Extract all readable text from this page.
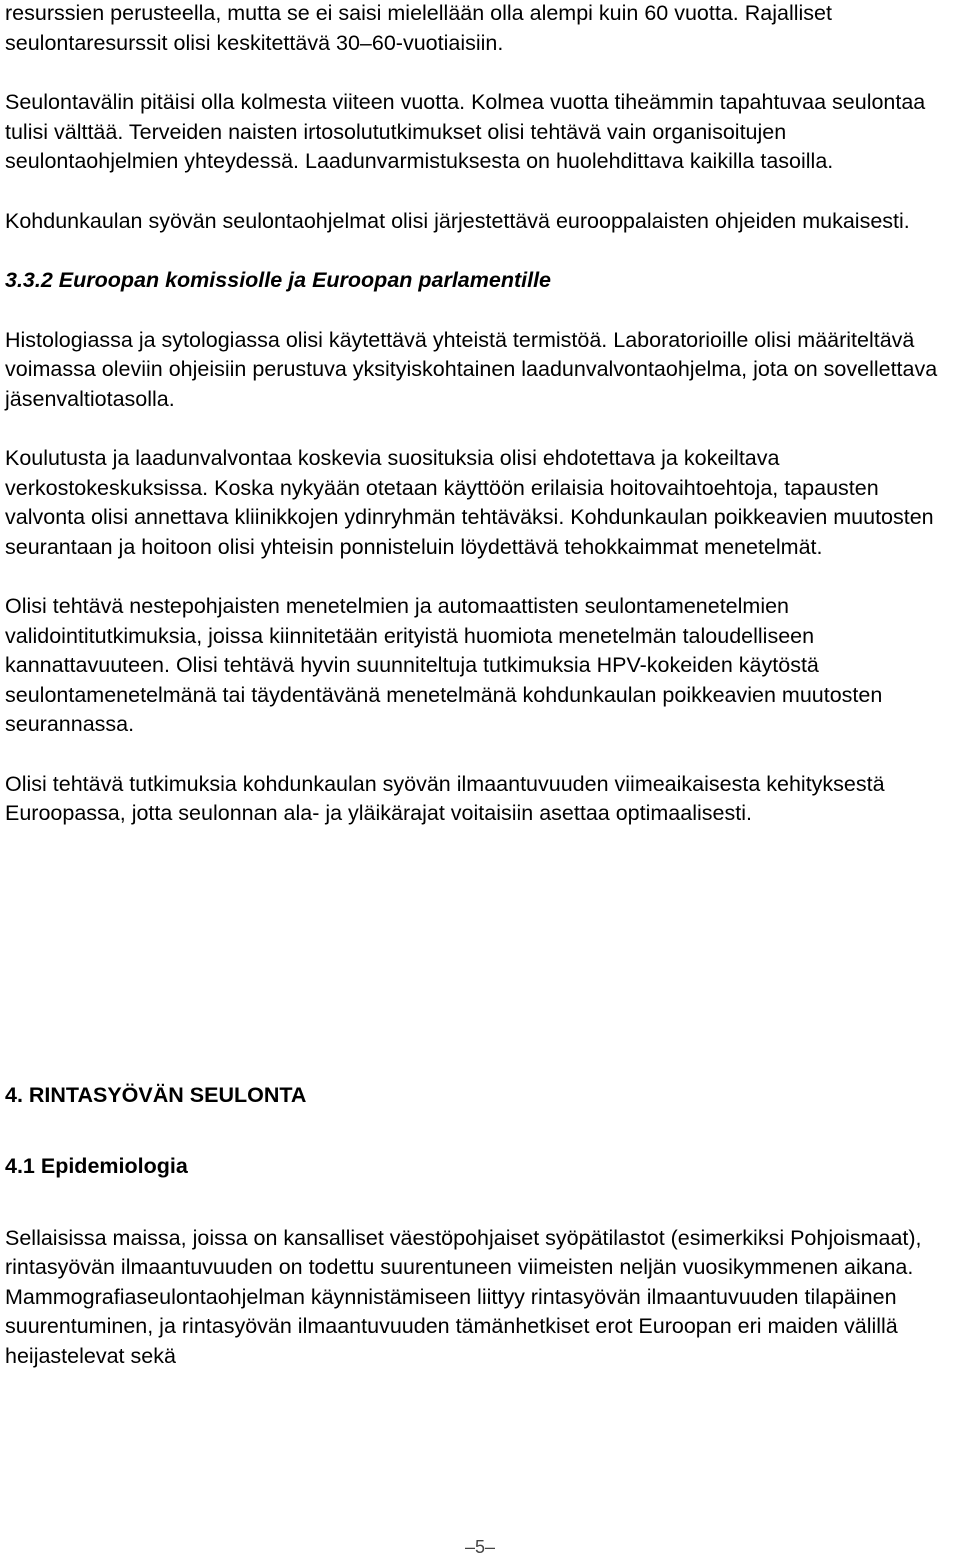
resurssien perusteella, mutta se ei saisi mielellään olla alempi kuin 60 vuotta. Rajalliset seulontaresurssit olisi keskitettävä 30–60-vuotiaisiin.

Seulontavälin pitäisi olla kolmesta viiteen vuotta. Kolmea vuotta tiheämmin tapahtuvaa seulontaa tulisi välttää. Terveiden naisten irtosolututkimukset olisi tehtävä vain organisoitujen seulontaohjelmien yhteydessä. Laadunvarmistuksesta on huolehdittava kaikilla tasoilla.

Kohdunkaulan syövän seulontaohjelmat olisi järjestettävä eurooppalaisten ohjeiden mukaisesti.

3.3.2 Euroopan komissiolle ja Euroopan parlamentille

Histologiassa ja sytologiassa olisi käytettävä yhteistä termistöä. Laboratorioille olisi määriteltävä voimassa oleviin ohjeisiin perustuva yksityiskohtainen laadunvalvontaohjelma, jota on sovellettava jäsenvaltiotasolla.

Koulutusta ja laadunvalvontaa koskevia suosituksia olisi ehdotettava ja kokeiltava verkostokeskuksissa. Koska nykyään otetaan käyttöön erilaisia hoitovaihtoehtoja, tapausten valvonta olisi annettava kliinikkojen ydinryhmän tehtäväksi. Kohdunkaulan poikkeavien muutosten seurantaan ja hoitoon olisi yhteisin ponnisteluin löydettävä tehokkaimmat menetelmät.

Olisi tehtävä nestepohjaisten menetelmien ja automaattisten seulontamenetelmien validointitutkimuksia, joissa kiinnitetään erityistä huomiota menetelmän taloudelliseen kannattavuuteen. Olisi tehtävä hyvin suunniteltuja tutkimuksia HPV-kokeiden käytöstä seulontamenetelmänä tai täydentävänä menetelmänä kohdunkaulan poikkeavien muutosten seurannassa.

Olisi tehtävä tutkimuksia kohdunkaulan syövän ilmaantuvuuden viimeaikaisesta kehityksestä Euroopassa, jotta seulonnan ala- ja yläikärajat voitaisiin asettaa optimaalisesti.

4. RINTASYÖVÄN SEULONTA
4.1 Epidemiologia

Sellaisissa maissa, joissa on kansalliset väestöpohjaiset syöpätilastot (esimerkiksi Pohjoismaat), rintasyövän ilmaantuvuuden on todettu suurentuneen viimeisten neljän vuosikymmenen aikana. Mammografiaseulontaohjelman käynnistämiseen liittyy rintasyövän ilmaantuvuuden tilapäinen suurentuminen, ja rintasyövän ilmaantuvuuden tämänhetkiset erot Euroopan eri maiden välillä heijastelevat sekä

–5–
